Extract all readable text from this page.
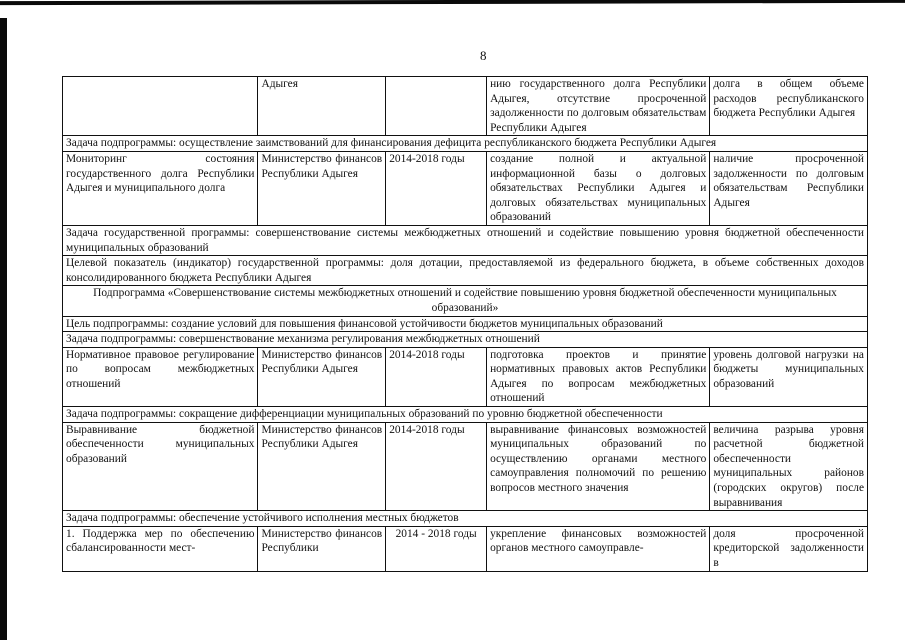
8
	Адыгея		нию государственного долга Республики Адыгея, отсутствие просроченной задолженности по долговым обязательствам Республики Адыгея	долга в общем объеме расходов республиканского бюджета Республики Адыгея
Задача подпрограммы: осуществление заимствований для финансирования дефицита республиканского бюджета Республики Адыгея				
Мониторинг состояния государственного долга Республики Адыгея и муниципального долга	Министерство финансов Республики Адыгея	2014-2018 годы	создание полной и актуальной информационной базы о долговых обязательствах Республики Адыгея и долговых обязательствах муниципальных образований	наличие просроченной задолженности по долговым обязательствам Республики Адыгея
Задача государственной программы: совершенствование системы межбюджетных отношений и содействие повышению уровня бюджетной обеспеченности муниципальных образований				
Целевой показатель (индикатор) государственной программы: доля дотации, предоставляемой из федерального бюджета, в объеме собственных доходов консолидированного бюджета Республики Адыгея				
Подпрограмма «Совершенствование системы межбюджетных отношений и содействие повышению уровня бюджетной обеспеченности муниципальных образований»				
Цель подпрограммы: создание условий для повышения финансовой устойчивости бюджетов муниципальных образований				
Задача подпрограммы: совершенствование механизма регулирования межбюджетных отношений				
Нормативное правовое регулирование по вопросам межбюджетных отношений	Министерство финансов Республики Адыгея	2014-2018 годы	подготовка проектов и принятие нормативных правовых актов Республики Адыгея по вопросам межбюджетных отношений	уровень долговой нагрузки на бюджеты муниципальных образований
Задача подпрограммы: сокращение дифференциации муниципальных образований по уровню бюджетной обеспеченности				
Выравнивание бюджетной обеспеченности муниципальных образований	Министерство финансов Республики Адыгея	2014-2018 годы	выравнивание финансовых возможностей муниципальных образований по осуществлению органами местного самоуправления полномочий по решению вопросов местного значения	величина разрыва уровня расчетной бюджетной обеспеченности муниципальных районов (городских округов) после выравнивания
Задача подпрограммы: обеспечение устойчивого исполнения местных бюджетов				
1. Поддержка мер по обеспечению сбалансированности мест-	Министерство финансов Республики	2014 - 2018 годы	укрепление финансовых возможностей органов местного самоуправле-	доля просроченной кредиторской задолженности в
